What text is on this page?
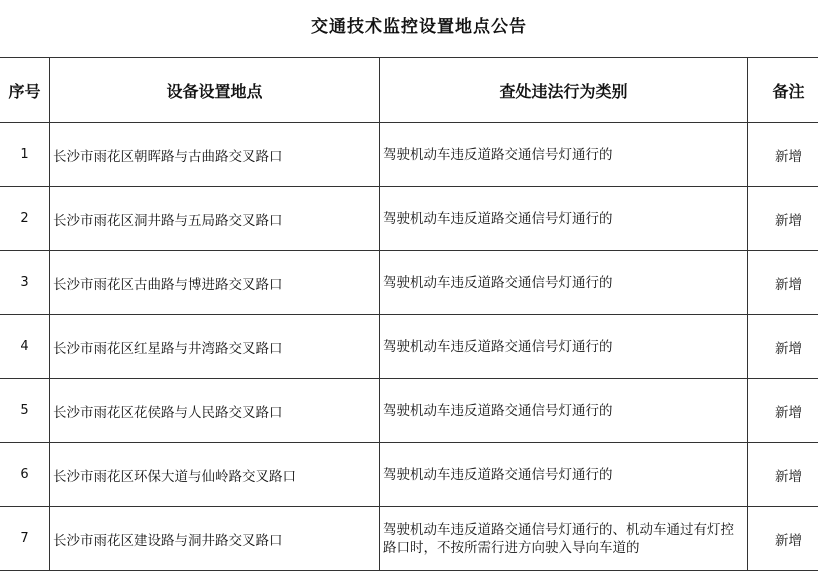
交通技术监控设置地点公告
序号	设备设置地点	查处违法行为类别	备注
1	长沙市雨花区朝晖路与古曲路交叉路口	驾驶机动车违反道路交通信号灯通行的	新增
2	长沙市雨花区洞井路与五局路交叉路口	驾驶机动车违反道路交通信号灯通行的	新增
3	长沙市雨花区古曲路与博进路交叉路口	驾驶机动车违反道路交通信号灯通行的	新增
4	长沙市雨花区红星路与井湾路交叉路口	驾驶机动车违反道路交通信号灯通行的	新增
5	长沙市雨花区花侯路与人民路交叉路口	驾驶机动车违反道路交通信号灯通行的	新增
6	长沙市雨花区环保大道与仙岭路交叉路口	驾驶机动车违反道路交通信号灯通行的	新增
7	长沙市雨花区建设路与洞井路交叉路口	驾驶机动车违反道路交通信号灯通行的、机动车通过有灯控路口时，不按所需行进方向驶入导向车道的	新增
